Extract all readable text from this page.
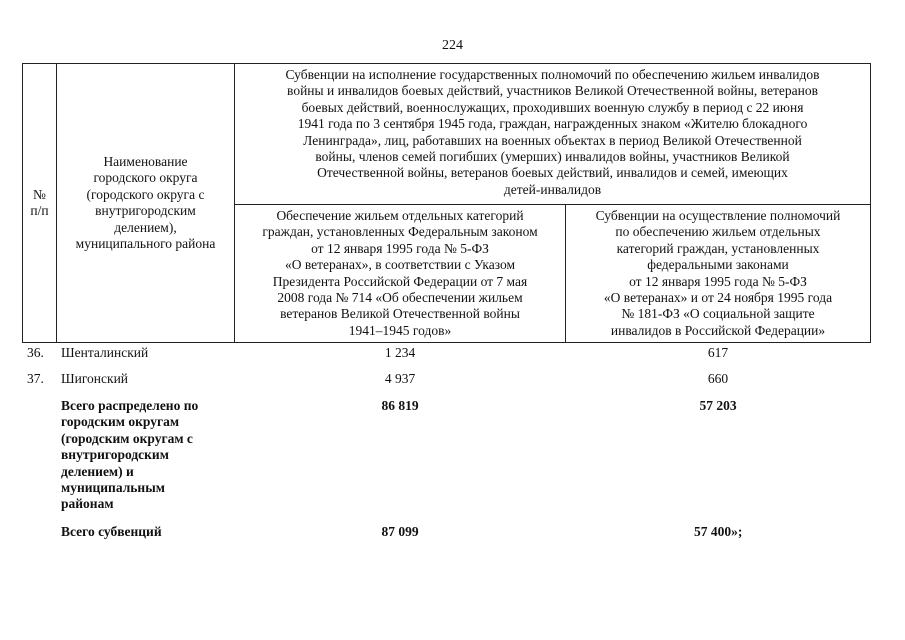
224
№
п/п
Наименование
городского округа
(городского округа с
внутригородским
делением),
муниципального района
Субвенции на исполнение государственных полномочий по обеспечению жильем инвалидов
войны и инвалидов боевых действий, участников Великой Отечественной войны, ветеранов
боевых действий, военнослужащих, проходивших военную службу в период с 22 июня
1941 года по 3 сентября 1945 года, граждан, награжденных знаком «Жителю блокадного
Ленинграда», лиц, работавших на военных объектах в период Великой Отечественной
войны, членов семей погибших (умерших) инвалидов войны, участников Великой
Отечественной войны, ветеранов боевых действий, инвалидов и семей, имеющих
детей-инвалидов
Обеспечение жильем отдельных категорий
граждан, установленных Федеральным законом
от 12 января 1995 года № 5-ФЗ
«О ветеранах», в соответствии с Указом
Президента Российской Федерации от 7 мая
2008 года № 714 «Об обеспечении жильем
ветеранов Великой Отечественной войны
1941–1945 годов»
Субвенции на осуществление полномочий
по обеспечению жильем отдельных
категорий граждан, установленных
федеральными законами
от 12 января 1995 года № 5-ФЗ
«О ветеранах» и от 24 ноября 1995 года
№ 181-ФЗ «О социальной защите
инвалидов в Российской Федерации»
36. Шенталинский	1 234	617
37. Шигонский	4 937	660
Всего распределено по
городским округам
(городским округам с
внутригородским
делением) и
муниципальным
районам
86 819	57 203
Всего субвенций	87 099	57 400»;
